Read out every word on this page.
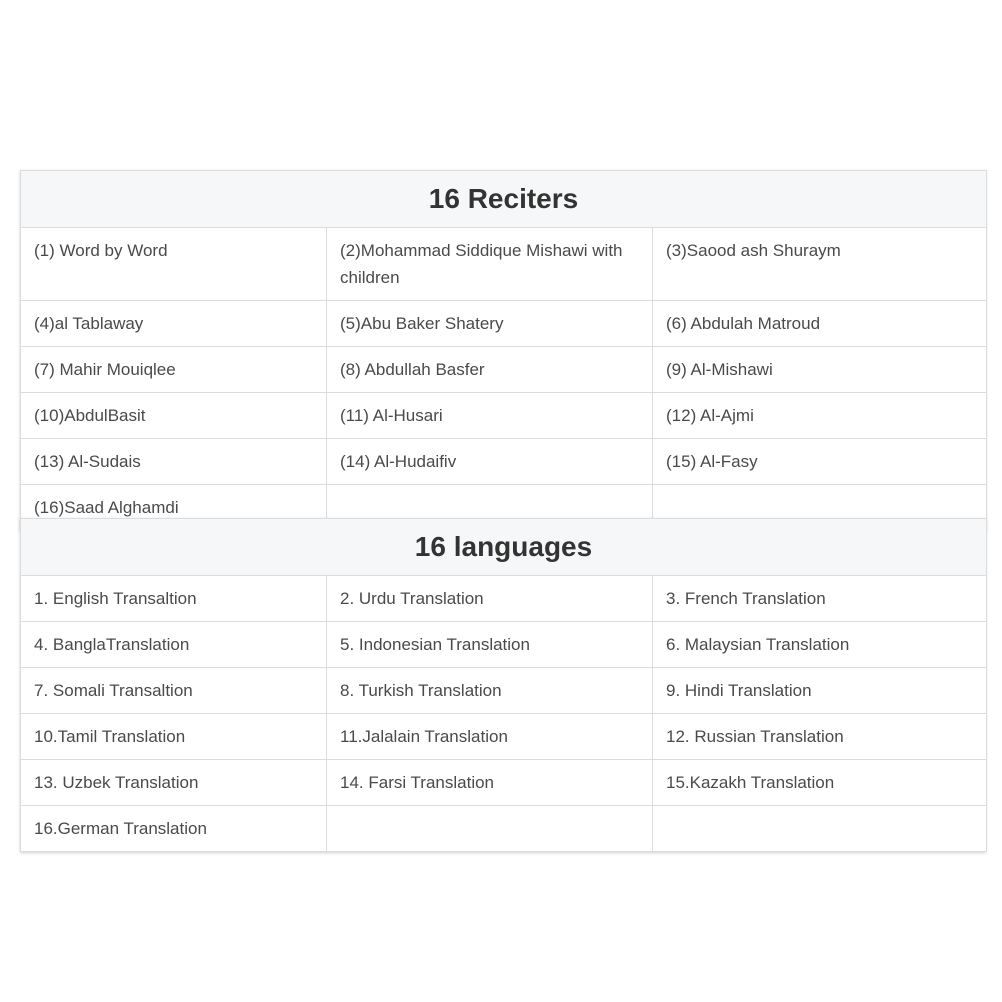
16 Reciters		
(1) Word by Word	(2)Mohammad Siddique Mishawi with children	(3)Saood ash Shuraym
(4)al Tablaway	(5)Abu Baker Shatery	(6) Abdulah Matroud
(7) Mahir Mouiqlee	(8) Abdullah Basfer	(9) Al-Mishawi
(10)AbdulBasit	(11) Al-Husari	(12) Al-Ajmi
(13) Al-Sudais	(14) Al-Hudaifiv	(15) Al-Fasy
(16)Saad Alghamdi		
16 languages		
1. English Transaltion	2. Urdu Translation	3. French Translation
4. BanglaTranslation	5. Indonesian Translation	6. Malaysian Translation
7. Somali Transaltion	8. Turkish Translation	9. Hindi Translation
10.Tamil Translation	11.Jalalain Translation	12. Russian Translation
13. Uzbek Translation	14. Farsi Translation	15.Kazakh Translation
16.German Translation		
